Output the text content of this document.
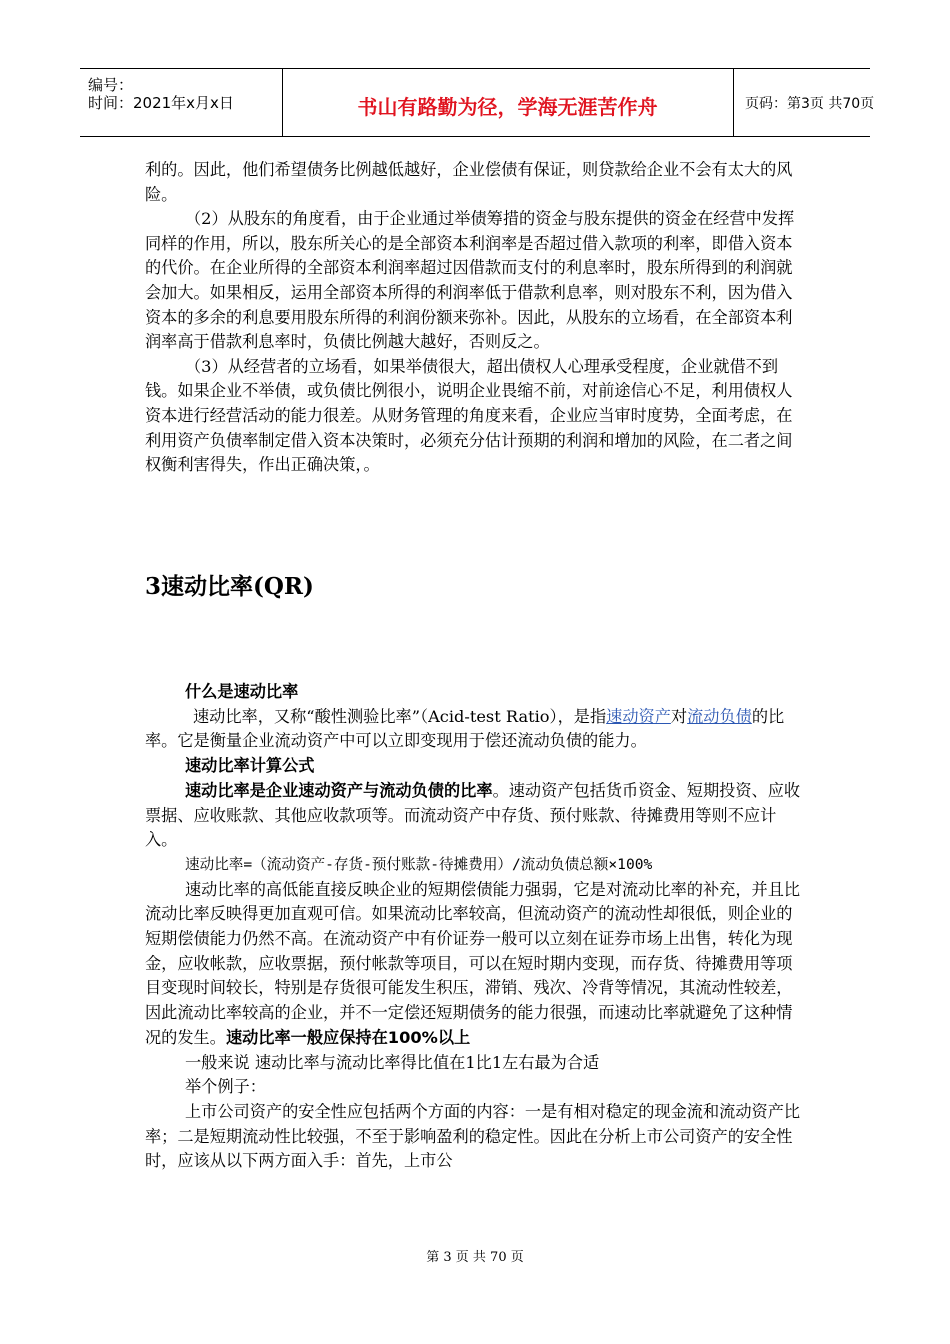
编号：
时间：2021年x月x日	书山有路勤为径，学海无涯苦作舟	页码：第3页 共70页

利的。因此，他们希望债务比例越低越好，企业偿债有保证，则贷款给企业不会有太大的风险。

（2）从股东的角度看，由于企业通过举债筹措的资金与股东提供的资金在经营中发挥同样的作用，所以，股东所关心的是全部资本利润率是否超过借入款项的利率，即借入资本的代价。在企业所得的全部资本利润率超过因借款而支付的利息率时，股东所得到的利润就会加大。如果相反，运用全部资本所得的利润率低于借款利息率，则对股东不利，因为借入资本的多余的利息要用股东所得的利润份额来弥补。因此，从股东的立场看，在全部资本利润率高于借款利息率时，负债比例越大越好，否则反之。

（3）从经营者的立场看，如果举债很大，超出债权人心理承受程度，企业就借不到钱。如果企业不举债，或负债比例很小，说明企业畏缩不前，对前途信心不足，利用债权人资本进行经营活动的能力很差。从财务管理的角度来看，企业应当审时度势，全面考虑，在利用资产负债率制定借入资本决策时，必须充分估计预期的利润和增加的风险，在二者之间权衡利害得失，作出正确决策，。

3速动比率(QR)

什么是速动比率

速动比率，又称“酸性测验比率”（Acid-test Ratio），是指速动资产对流动负债的比率。它是衡量企业流动资产中可以立即变现用于偿还流动负债的能力。

速动比率计算公式

速动比率是企业速动资产与流动负债的比率。速动资产包括货币资金、短期投资、应收票据、应收账款、其他应收款项等。而流动资产中存货、预付账款、待摊费用等则不应计入。

速动比率=（流动资产-存货-预付账款-待摊费用）/流动负债总额×100%

速动比率的高低能直接反映企业的短期偿债能力强弱，它是对流动比率的补充，并且比流动比率反映得更加直观可信。如果流动比率较高，但流动资产的流动性却很低，则企业的短期偿债能力仍然不高。在流动资产中有价证券一般可以立刻在证券市场上出售，转化为现金，应收帐款，应收票据，预付帐款等项目，可以在短时期内变现，而存货、待摊费用等项目变现时间较长，特别是存货很可能发生积压，滞销、残次、冷背等情况，其流动性较差，因此流动比率较高的企业，并不一定偿还短期债务的能力很强，而速动比率就避免了这种情况的发生。速动比率一般应保持在100%以上

一般来说 速动比率与流动比率得比值在1比1左右最为合适

举个例子：

上市公司资产的安全性应包括两个方面的内容：一是有相对稳定的现金流和流动资产比率；二是短期流动性比较强，不至于影响盈利的稳定性。因此在分析上市公司资产的安全性时，应该从以下两方面入手：首先，上市公

第 3 页 共 70 页
